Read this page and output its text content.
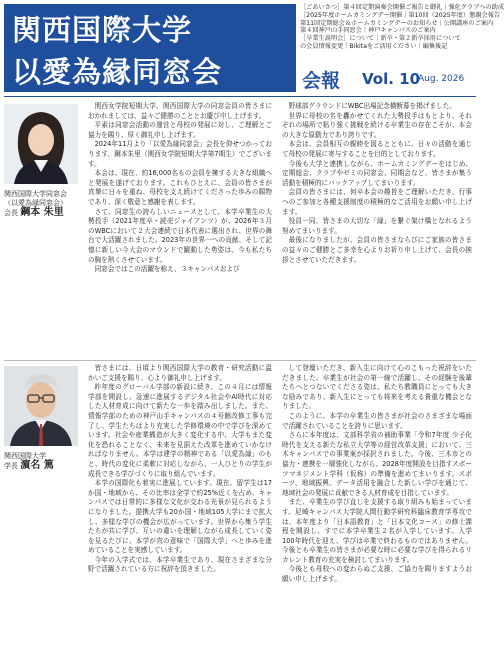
関西国際大学
以愛為縁同窓会
［ごあいさつ］第４回定期演奏会開催ご報告と御礼｜強化クラブへの助成
［2025年度ホームカミングデー開催｜第10回（2025年度）懇親会報告
第11回定期総会＆ホームカミングデーのお知らせ｜公開講座のご案内
第４回神戸山手同窓会｜神戸キャンパスのご案内
［卒業生説明会］について｜新卒・第２新卒採用について
の会員情報変更｜Bikitaをご活用ください｜編集後記
会報 Vol. 10
Aug. 2026
関西国際大学同窓会
（以愛為縁同窓会）
会長 鋼本 朱里

関西女学院短期大学、関西国際大学の同窓会員の皆さまにおかれましては、益々ご健勝のこととお慶び申し上げます。

平素は同窓会活動の運営と母校の発展に対し、ご理解とご協力を賜り、厚く御礼申し上げます。

2024年11月より「以愛為縁同窓会」会長を仰せつかっております、鋼本朱里（関西女学院短期大学第7期生）でございます。

本会は、現在、約16,000名もの会員を擁する大きな組織へと発展を遂げております。これもひとえに、会員の皆さまが真摯に日々を重ね、母校を支え続けてくださった歩みの賜物であり、深く敬意と感謝を表します。

さて、同窓生の誇らしいニュースとして、本学卒業生の大勢投手（2021年度卒・読売ジャイアンツ）が、2026年３月のWBCにおいて２大会連続で日本代表に選出され、世界の舞台で大活躍されました。2023年の世界一への貢献、そして記憶に新しい今大会のマウンドで躍動した勇姿は、今も私たちの胸を熱くさせています。

同窓会ではこの活躍を称え、３キャンパスおよび

野球部グラウンドにWBC出場記念横断幕を掲げました。

世界に母校の名を轟かせてくれた大勢投手はもとより、それぞれの場所で粘り強く挑戦を続ける卒業生の存在こそが、本会の大きな原動力であり誇りです。

本会は、会員相互の親睦を図るとともに、日々の活動を通じて母校の発展に寄与することを目的としております。

今後も大学と連携しながら、ホームカミングデーをはじめ、定期総会、クラブやゼミの同窓会、同期会など、皆さまが集う活動を積極的にバックアップしてまいります。

会員の皆さまには、何卒本会の趣旨をご理解いただき、行事へのご参加と各種支援制度の積極的なご活用をお願い申し上げます。

役員一同、皆さまの大切な「縁」を繋ぐ架け橋となれるよう努めてまいります。

最後になりましたが、会員の皆さまならびにご家族の皆さまの益々のご健勝とご多幸を心よりお祈り申し上げて、会長の挨拶とさせていただきます。

関西国際大学
学長 濵名 篤

皆さまには、日頃より関西国際大学の教育・研究活動に温かいご支援を賜り、心より御礼申し上げます。

昨年度のグローバル学部の新設に続き、この４月には情報学部を開設し、急速に進展するデジタル社会やAI時代に対応した人材育成に向けて新たな一歩を踏み出しました。また、情報学部のための神戸山手キャンパスの４号館改修工事も完了し、学生たちはより充実した学修環境の中で学びを深めています。社会や産業構造が大きく変化する中、大学もまた変化を恐れることなく、未来を見据えた改革を進めていかなければなりません。本学は建学の精神である「以愛為縁」のもと、時代の変化に柔軟に対応しながら、一人ひとりの学生が成長できる学びづくりに取り組んでいます。

本学の国際化も着実に進展しています。現在、留学生は17か国・地域から、その比率は全学で約25%近くを占め、キャンパスでは日常的に多様な文化が交わる光景が見られるようになりました。提携大学も20か国・地域105大学にまで拡大し、多様な学びの機会が広がっています。世界から集う学生たちが共に学び、互いの違いを理解しながら成長していく姿を見るたびに、本学が真の意味で「国際大学」へと歩みを進めていることを実感しています。

今年の入学式では、本学卒業生であり、現在さまざまな分野で活躍されている方に祝辞を頂きました。

して登壇いただき、新入生に向けて心のこもった祝辞をいただきました。卒業生が社会の第一線で活躍し、その経験を後輩たちへとつないでくださる姿は、私たち教職員にとっても大きな励みであり、新入生にとっても将来を考える貴重な機会となりました。

このように、本学の卒業生の皆さまが社会のさまざまな場面で活躍されていることを誇りに思います。

さらに本年度は、文部科学省の補助事業「令和7年度 少子化時代を支える新たな私立大学等の経営改革支援」において、三木キャンパスでの事業案が採択されました。今後、三木市との協力・連携を一層強化しながら、2028年度開設を目指すスポーツマネジメント学科（仮称）の準備を進めてまいります。スポーツ、地域振興、データ活用を融合した新しい学びを通じて、地域社会の発展に貢献できる人材育成を目指しています。

また、卒業生の学び直しを支援する取り組みも始まっています。尼崎キャンパス大学院人間行動学研究科臨床教育学専攻では、本年度より「日本語教育」と「日本文化コース」の修士課程を開設し、すでに本学卒業生２名が入学しています。入学100年時代を迎え、学びは卒業で終わるものではありません。今後とも卒業生の皆さまが必要な時に必要な学びを得られるリカレント教育の充実を検討してまいります。

今後とも母校への変わらぬご支援、ご協力を賜りますようお願い申し上げます。
